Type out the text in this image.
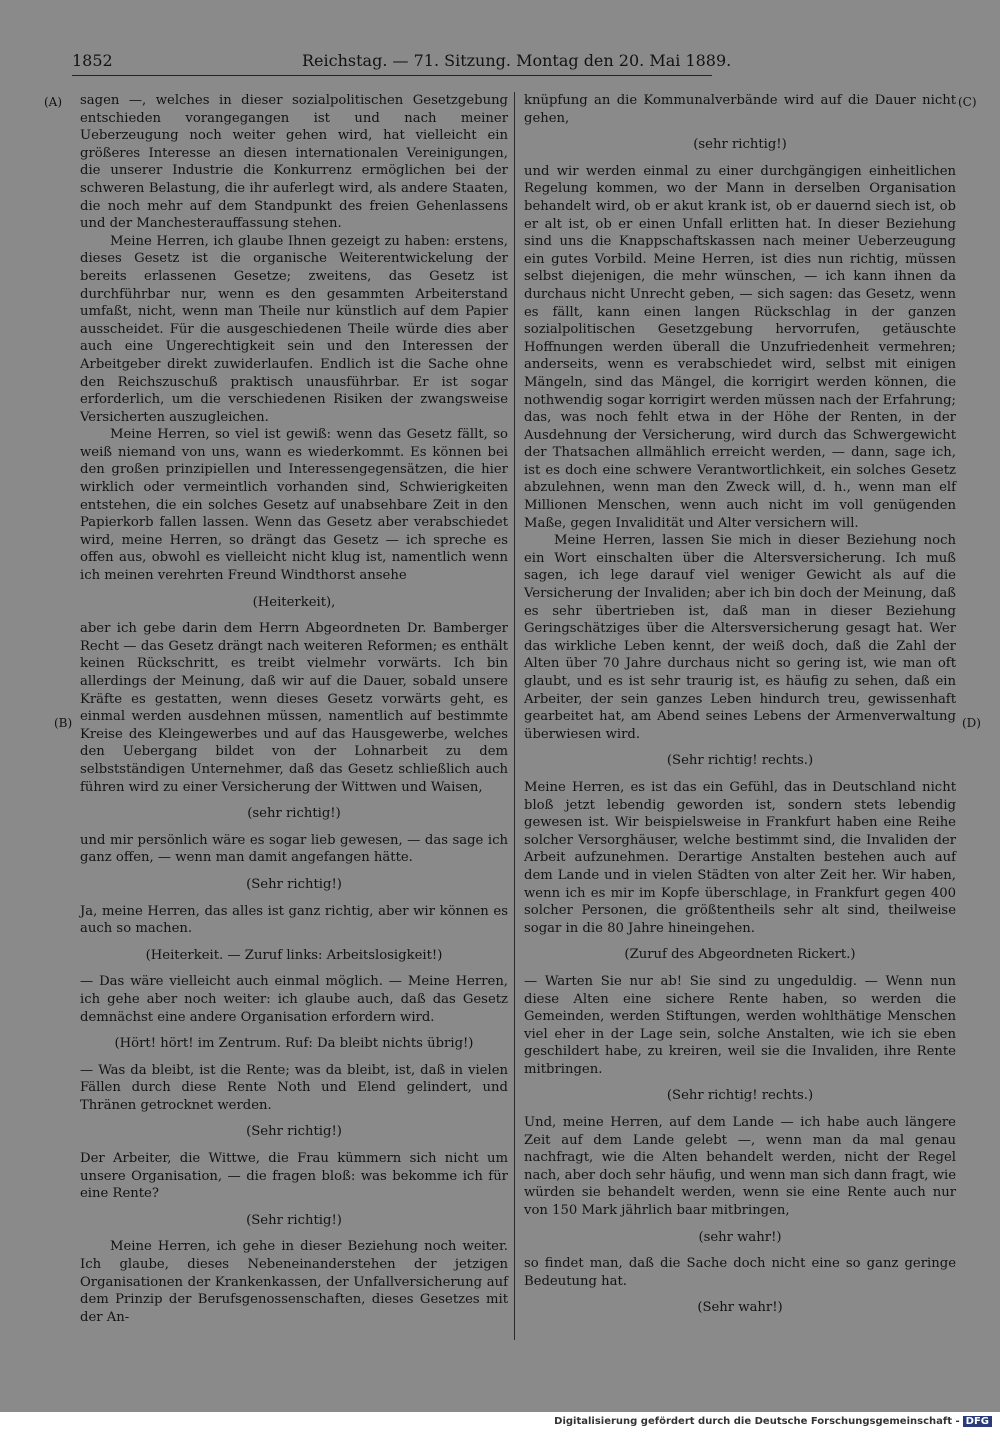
1852	Reichstag. — 71. Sitzung. Montag den 20. Mai 1889.
(A)
(B)
(C)
(D)

sagen —, welches in dieser sozialpolitischen Gesetzgebung entschieden vorangegangen ist und nach meiner Ueberzeugung noch weiter gehen wird, hat vielleicht ein größeres Interesse an diesen internationalen Vereinigungen, die unserer Industrie die Konkurrenz ermöglichen bei der schweren Belastung, die ihr auferlegt wird, als andere Staaten, die noch mehr auf dem Standpunkt des freien Gehenlassens und der Manchesterauffassung stehen.

Meine Herren, ich glaube Ihnen gezeigt zu haben: erstens, dieses Gesetz ist die organische Weiterentwickelung der bereits erlassenen Gesetze; zweitens, das Gesetz ist durchführbar nur, wenn es den gesammten Arbeiterstand umfaßt, nicht, wenn man Theile nur künstlich auf dem Papier ausscheidet. Für die ausgeschiedenen Theile würde dies aber auch eine Ungerechtigkeit sein und den Interessen der Arbeitgeber direkt zuwiderlaufen. Endlich ist die Sache ohne den Reichszuschuß praktisch unausführbar. Er ist sogar erforderlich, um die verschiedenen Risiken der zwangsweise Versicherten auszugleichen.

Meine Herren, so viel ist gewiß: wenn das Gesetz fällt, so weiß niemand von uns, wann es wiederkommt. Es können bei den großen prinzipiellen und Interessengegensätzen, die hier wirklich oder vermeintlich vorhanden sind, Schwierigkeiten entstehen, die ein solches Gesetz auf unabsehbare Zeit in den Papierkorb fallen lassen. Wenn das Gesetz aber verabschiedet wird, meine Herren, so drängt das Gesetz — ich spreche es offen aus, obwohl es vielleicht nicht klug ist, namentlich wenn ich meinen verehrten Freund Windthorst ansehe

(Heiterkeit),

aber ich gebe darin dem Herrn Abgeordneten Dr. Bamberger Recht — das Gesetz drängt nach weiteren Reformen; es enthält keinen Rückschritt, es treibt vielmehr vorwärts. Ich bin allerdings der Meinung, daß wir auf die Dauer, sobald unsere Kräfte es gestatten, wenn dieses Gesetz vorwärts geht, es einmal werden ausdehnen müssen, namentlich auf bestimmte Kreise des Kleingewerbes und auf das Hausgewerbe, welches den Uebergang bildet von der Lohnarbeit zu dem selbstständigen Unternehmer, daß das Gesetz schließlich auch führen wird zu einer Versicherung der Wittwen und Waisen,

(sehr richtig!)

und mir persönlich wäre es sogar lieb gewesen, — das sage ich ganz offen, — wenn man damit angefangen hätte.

(Sehr richtig!)

Ja, meine Herren, das alles ist ganz richtig, aber wir können es auch so machen.

(Heiterkeit. — Zuruf links: Arbeitslosigkeit!)

— Das wäre vielleicht auch einmal möglich. — Meine Herren, ich gehe aber noch weiter: ich glaube auch, daß das Gesetz demnächst eine andere Organisation erfordern wird.

(Hört! hört! im Zentrum. Ruf: Da bleibt nichts übrig!)

— Was da bleibt, ist die Rente; was da bleibt, ist, daß in vielen Fällen durch diese Rente Noth und Elend gelindert, und Thränen getrocknet werden.

(Sehr richtig!)

Der Arbeiter, die Wittwe, die Frau kümmern sich nicht um unsere Organisation, — die fragen bloß: was bekomme ich für eine Rente?

(Sehr richtig!)

Meine Herren, ich gehe in dieser Beziehung noch weiter. Ich glaube, dieses Nebeneinanderstehen der jetzigen Organisationen der Krankenkassen, der Unfallversicherung auf dem Prinzip der Berufsgenossenschaften, dieses Gesetzes mit der An-

knüpfung an die Kommunalverbände wird auf die Dauer nicht gehen,

(sehr richtig!)

und wir werden einmal zu einer durchgängigen einheitlichen Regelung kommen, wo der Mann in derselben Organisation behandelt wird, ob er akut krank ist, ob er dauernd siech ist, ob er alt ist, ob er einen Unfall erlitten hat. In dieser Beziehung sind uns die Knappschaftskassen nach meiner Ueberzeugung ein gutes Vorbild. Meine Herren, ist dies nun richtig, müssen selbst diejenigen, die mehr wünschen, — ich kann ihnen da durchaus nicht Unrecht geben, — sich sagen: das Gesetz, wenn es fällt, kann einen langen Rückschlag in der ganzen sozialpolitischen Gesetzgebung hervorrufen, getäuschte Hoffnungen werden überall die Unzufriedenheit vermehren; anderseits, wenn es verabschiedet wird, selbst mit einigen Mängeln, sind das Mängel, die korrigirt werden können, die nothwendig sogar korrigirt werden müssen nach der Erfahrung; das, was noch fehlt etwa in der Höhe der Renten, in der Ausdehnung der Versicherung, wird durch das Schwergewicht der Thatsachen allmählich erreicht werden, — dann, sage ich, ist es doch eine schwere Verantwortlichkeit, ein solches Gesetz abzulehnen, wenn man den Zweck will, d. h., wenn man elf Millionen Menschen, wenn auch nicht im voll genügenden Maße, gegen Invalidität und Alter versichern will.

Meine Herren, lassen Sie mich in dieser Beziehung noch ein Wort einschalten über die Altersversicherung. Ich muß sagen, ich lege darauf viel weniger Gewicht als auf die Versicherung der Invaliden; aber ich bin doch der Meinung, daß es sehr übertrieben ist, daß man in dieser Beziehung Geringschätziges über die Altersversicherung gesagt hat. Wer das wirkliche Leben kennt, der weiß doch, daß die Zahl der Alten über 70 Jahre durchaus nicht so gering ist, wie man oft glaubt, und es ist sehr traurig ist, es häufig zu sehen, daß ein Arbeiter, der sein ganzes Leben hindurch treu, gewissenhaft gearbeitet hat, am Abend seines Lebens der Armenverwaltung überwiesen wird.

(Sehr richtig! rechts.)

Meine Herren, es ist das ein Gefühl, das in Deutschland nicht bloß jetzt lebendig geworden ist, sondern stets lebendig gewesen ist. Wir beispielsweise in Frankfurt haben eine Reihe solcher Versorghäuser, welche bestimmt sind, die Invaliden der Arbeit aufzunehmen. Derartige Anstalten bestehen auch auf dem Lande und in vielen Städten von alter Zeit her. Wir haben, wenn ich es mir im Kopfe überschlage, in Frankfurt gegen 400 solcher Personen, die größtentheils sehr alt sind, theilweise sogar in die 80 Jahre hineingehen.

(Zuruf des Abgeordneten Rickert.)

— Warten Sie nur ab! Sie sind zu ungeduldig. — Wenn nun diese Alten eine sichere Rente haben, so werden die Gemeinden, werden Stiftungen, werden wohlthätige Menschen viel eher in der Lage sein, solche Anstalten, wie ich sie eben geschildert habe, zu kreiren, weil sie die Invaliden, ihre Rente mitbringen.

(Sehr richtig! rechts.)

Und, meine Herren, auf dem Lande — ich habe auch längere Zeit auf dem Lande gelebt —, wenn man da mal genau nachfragt, wie die Alten behandelt werden, nicht der Regel nach, aber doch sehr häufig, und wenn man sich dann fragt, wie würden sie behandelt werden, wenn sie eine Rente auch nur von 150 Mark jährlich baar mitbringen,

(sehr wahr!)

so findet man, daß die Sache doch nicht eine so ganz geringe Bedeutung hat.

(Sehr wahr!)

Digitalisierung gefördert durch die Deutsche Forschungsgemeinschaft - DFG
